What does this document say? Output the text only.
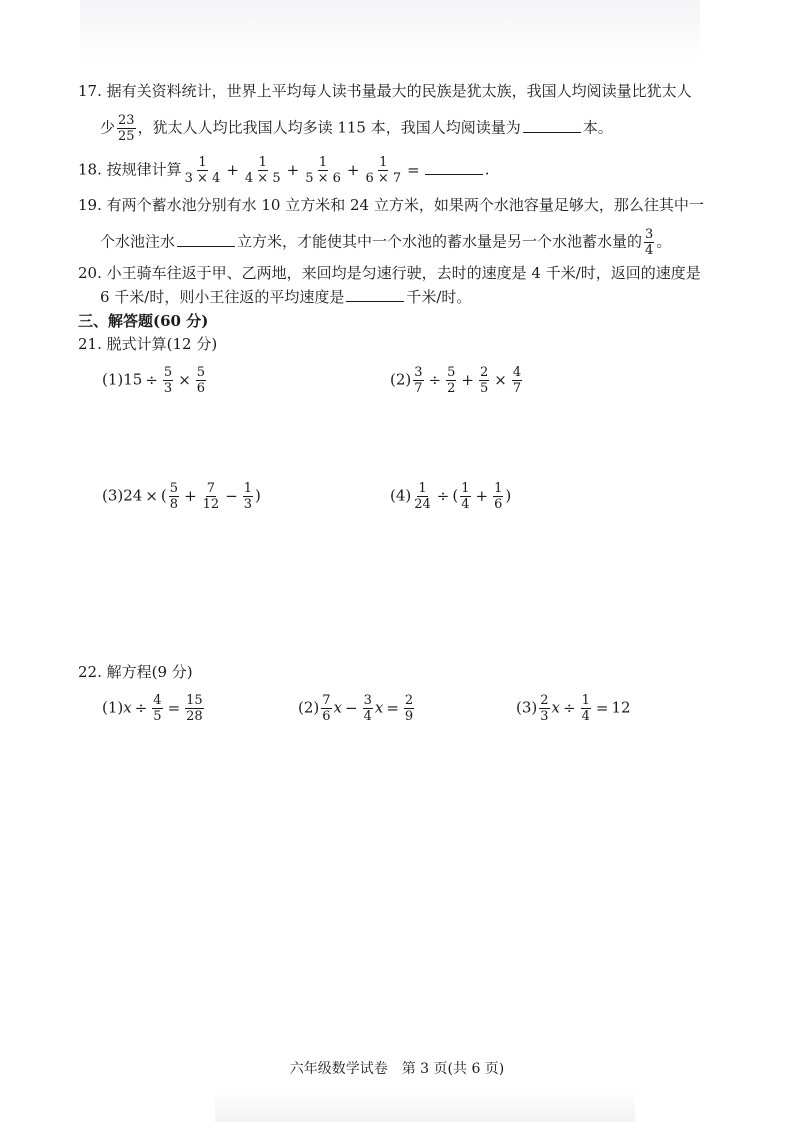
17. 据有关资料统计，世界上平均每人读书量最大的民族是犹太族，我国人均阅读量比犹太人
少 $\frac{23}{25}$ ，犹太人人均比我国人均多读 115 本，我国人均阅读量为	本。
18. 按规律计算 $\frac{1}{3 \times 4} + \frac{1}{4 \times 5} + \frac{1}{5 \times 6} + \frac{1}{6 \times 7}$ =	.
19. 有两个蓄水池分别有水 10 立方米和 24 立方米，如果两个水池容量足够大，那么往其中一
个水池注水	立方米，才能使其中一个水池的蓄水量是另一个水池蓄水量的 $\frac{3}{4}$ 。
20. 小王骑车往返于甲、乙两地，来回均是匀速行驶，去时的速度是 4 千米/时，返回的速度是
6 千米/时，则小王往返的平均速度是	千米/时。
三、解答题(60 分)
21. 脱式计算(12 分)
$(1)15 \div \frac{5}{3} \times \frac{5}{6}$	$(2) \frac{3}{7} \div \frac{5}{2} + \frac{2}{5} \times \frac{4}{7}$
(3)24 × ( $\frac{5}{8} + \frac{7}{12} - \frac{1}{3}$ )	$(4) \frac{1}{24}$ ÷ ( $\frac{1}{4} + \frac{1}{6}$ )
22. 解方程(9 分)
$(1)x \div \frac{4}{5} = \frac{15}{28}$	$(2) \frac{7}{6}$ $x - \frac{3}{4}$ $x = \frac{2}{9}$	$(3) \frac{2}{3}$ $x \div \frac{1}{4} = 12$
六年级数学试卷　第 3 页(共 6 页)
